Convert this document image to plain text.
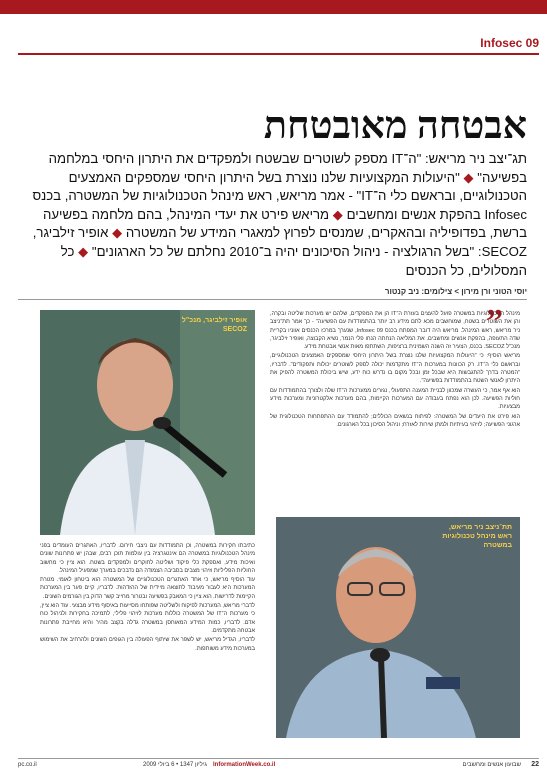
Infosec 09
אבטחה מאובטחת
תג־יצב ניר מריאש: "ה־IT מספק לשוטרים שבשטח ולמפקדים את היתרון היחסי במלחמה בפשיעה" ◆ "היעולות המקצועיות שלנו נוצרת בשל היתרון היחסי שמספקים האמצעים הטכנולוגיים, ובראשם כלי ה־IT" - אמר מריאש, ראש מינהל הטכנולוגיות של המשטרה, בכנס Infosec בהפקת אנשים ומחשבים ◆ מריאש פירט את יעדי המינהל, בהם מלחמה בפשיעה ברשת, בפדופיליה ובהאקרים, שמנסים לפרוץ למאגרי המידע של המשטרה ◆ אופיר זילביגר, SECOZ: "בשל הרגולציה - ניהול הסיכונים יהיה ב־2010 נחלתם של כל הארגונים" ◆ כל המסלולים, כל הכנסים
יוסי הטוני ורן מירון > צילומים: ניב קנטור
”

מינהל הטכנולוגיות במשטרה פועל להעצים בעזרת ה־IT הן את המפקדים, שלהם יש מערכות שליטה ובקרה, והן את השוטרים בשטח, שמוחשבים מכא לתם מידע רב יותר בהתמודדות עם הפשיעה" - כך אמר תת־ניצב ניר מריאש, ראש המינהל. מריאש היה דובר המפתח בכנס Infosec 09, שנערך במרכז הכנסים אווניו בקריית שדה התעופה, בהפקת אנשים ומחשבים. את המליאה הנחתה הנחו פלי הנמר, נשיא הקבוצה, ואופיר זילביגר, מנכ"ל SECOZ. בכנס, הצעיר זה השנה השמינית ברציפות, השתתפו מאות אנשי אבטחת מידע.

מריאש הוסיף: כי "היעולות המקצועיות שלנו נוצרת בשל היתרון היחסי שמספקים האמצעים הטכנולוגיים, ובראשם כלי ה־IT. רק הכוונות במערכות ה־IT מתקדמות יכולה לספק לשוטרים יכולות ותפקודים". לדבריו, "המטרה בדרך להתגבשות היא שבכל זמן ובכל מקום בו נדרש כוח ידע, שיש ביכולת המשטרה להפיק את היתרון לאנשי השטח בהתמודדות בפשיעה".

הוא אף אמר, כי העשרה שמכוון לבניית המענה התפעולי, נגזרים ממערכות ה־IT שלה ולצורך בהתמודדות עם חוליות הפשיעה. לכן הוא נפתח בעבודה עם המערכות הקיימות, בהם מערכות אלקטרוניות ומערכות מידע מבצעיות.

הוא פירט את היעדים של המשטרה: לפיתוח בנשאים הכוללים; להתמודד עם ההתפתחות הטכנולוגית של ארגוני הפשיעה; לזיהוי בעיתיות ולמתן שירות לאזרח; וניהול הסיכון בכל הארגונים.

אופיר זילביגר, מנכ"ל SECOZ

כתיבתו חקירות במשטרה, וכן התמודדות עם ניצבי חירום. לדבריו, האתגרים העומדים בפני מינהל הטכנולוגיות במשטרה הם אינטגרציה בין עולמות תוכן רבים, שבהן יש פתרונות שונים ואיכות מידע, ואספקת כלי פיקוד ושליטה לחוקרים ולמפקדים בשטח. הוא ציין כי מחשוב החוליות הפליליות וזיהוי מצבים בסביבה הצמודה הם נדבכים במערך שמפעיל המינהל.

עוד הוסיף מריאש, כי אחד האתגרים הטכנולוגיים של המשטרה הוא ביטחון לאומי. מטרת המערכות היא לעבור מעיבוד לתוצאה מיידית של ההזדהות. לדבריו, קיים פער בין המערכות הקיימות לדרישות. הוא ציין כי המאבק בפשיעה ובטרור מחייב קשר הדוק בין הגורמים השונים.

לדברי מריאש, המערכות לפיקוח ולשליטה שפותחו מסייעות באיסוף מידע מבצעי. עוד הוא ציין, כי מערכות ה־IT של המשטרה כוללות מערכות לזיהוי פלילי, לתמיכה בחקירות ולניהול כוח אדם. לדבריו, כמות המידע המאוחסן במשטרה גדלה בקצב מהיר והיא מחייבת פתרונות אבטחה מתקדמים.

לדבריו, הגדיל מריאש, יש לשפר את שיתוף הפעולה בין הגופים השונים ולהרחיב את השימוש במערכות מידע משותפות.

תת־ניצב ניר מריאש, ראש מינהל טכנולוגיות במשטרה
22
שבועון אנשים ומחשבים
InformationWeek.co.il
גיליון 1347 • 6 ביולי 2009
pc.co.il
